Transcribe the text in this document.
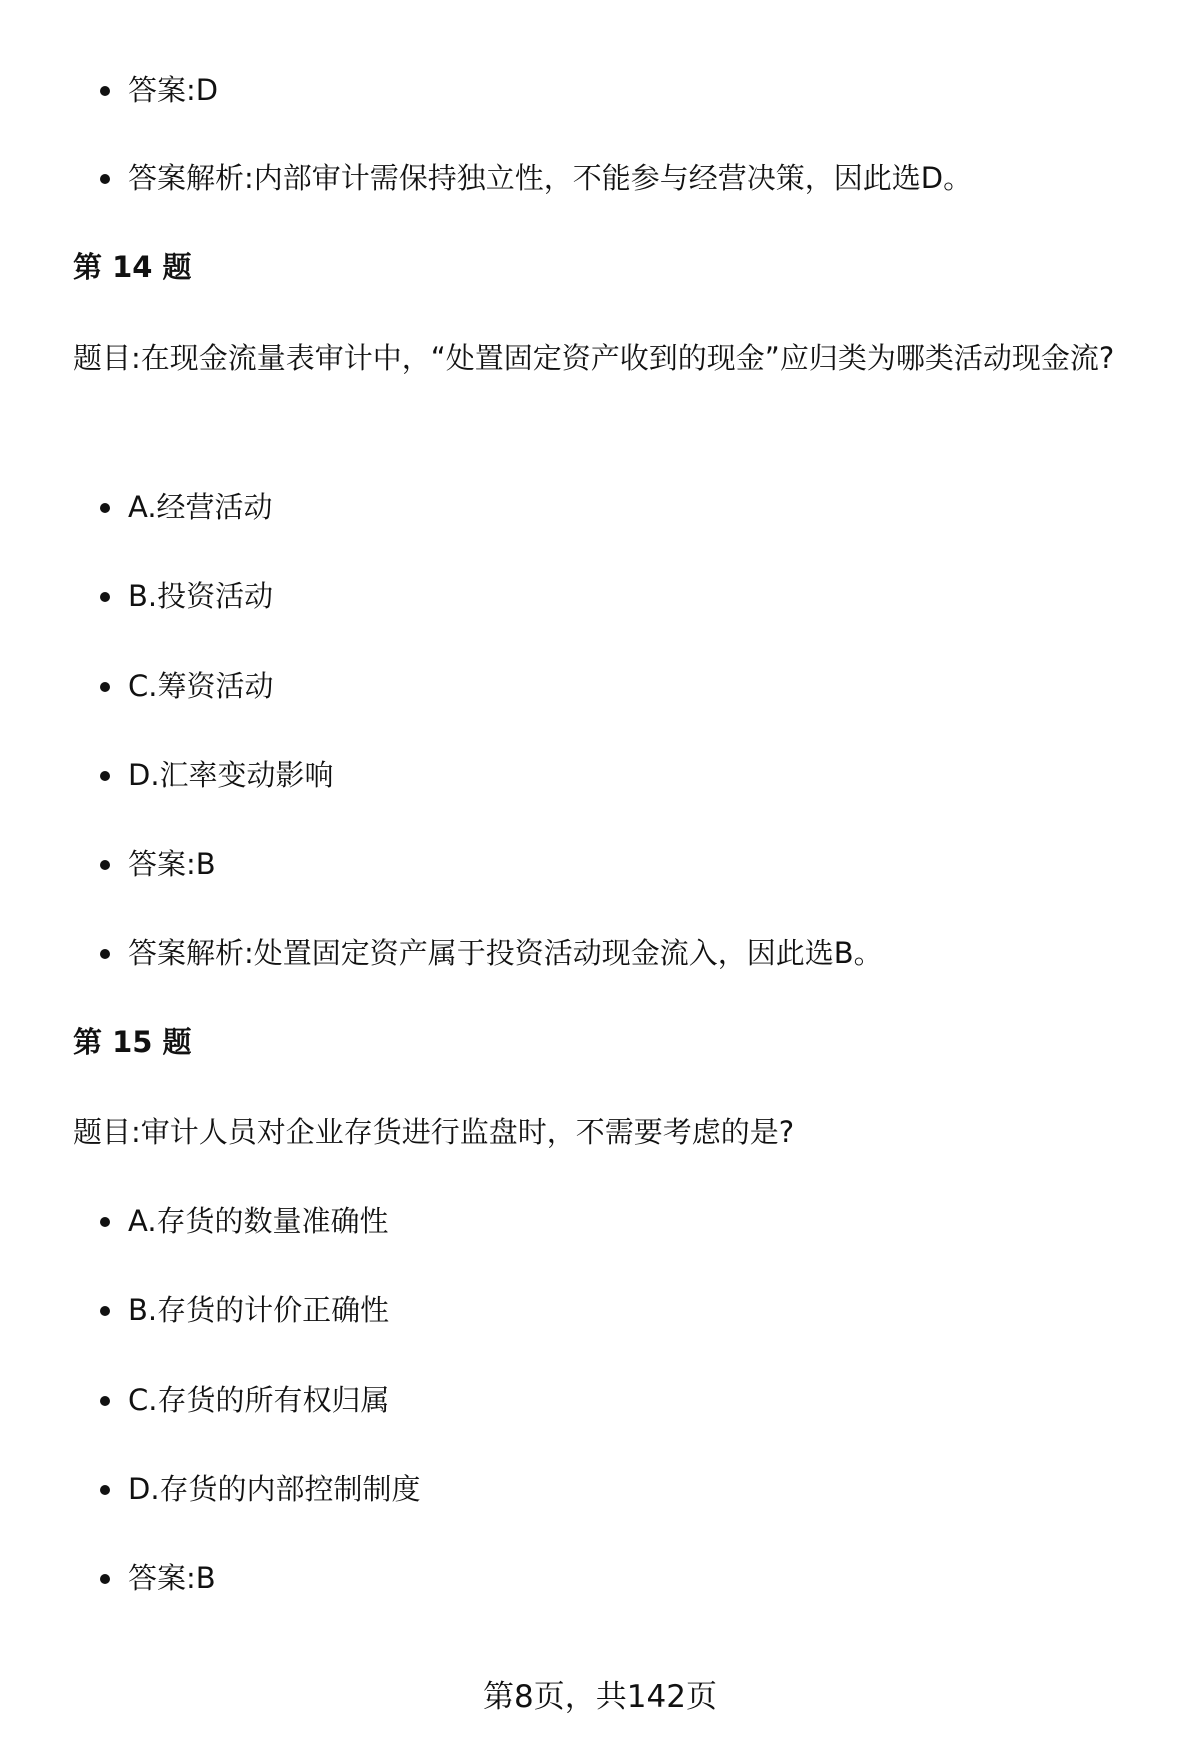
答案:D
答案解析:内部审计需保持独立性，不能参与经营决策，因此选D。
第 14 题
题目:在现金流量表审计中，“处置固定资产收到的现金”应归类为哪类活动现金流?
A.经营活动
B.投资活动
C.筹资活动
D.汇率变动影响
答案:B
答案解析:处置固定资产属于投资活动现金流入，因此选B。
第 15 题
题目:审计人员对企业存货进行监盘时，不需要考虑的是?
A.存货的数量准确性
B.存货的计价正确性
C.存货的所有权归属
D.存货的内部控制制度
答案:B
第8页，共142页
